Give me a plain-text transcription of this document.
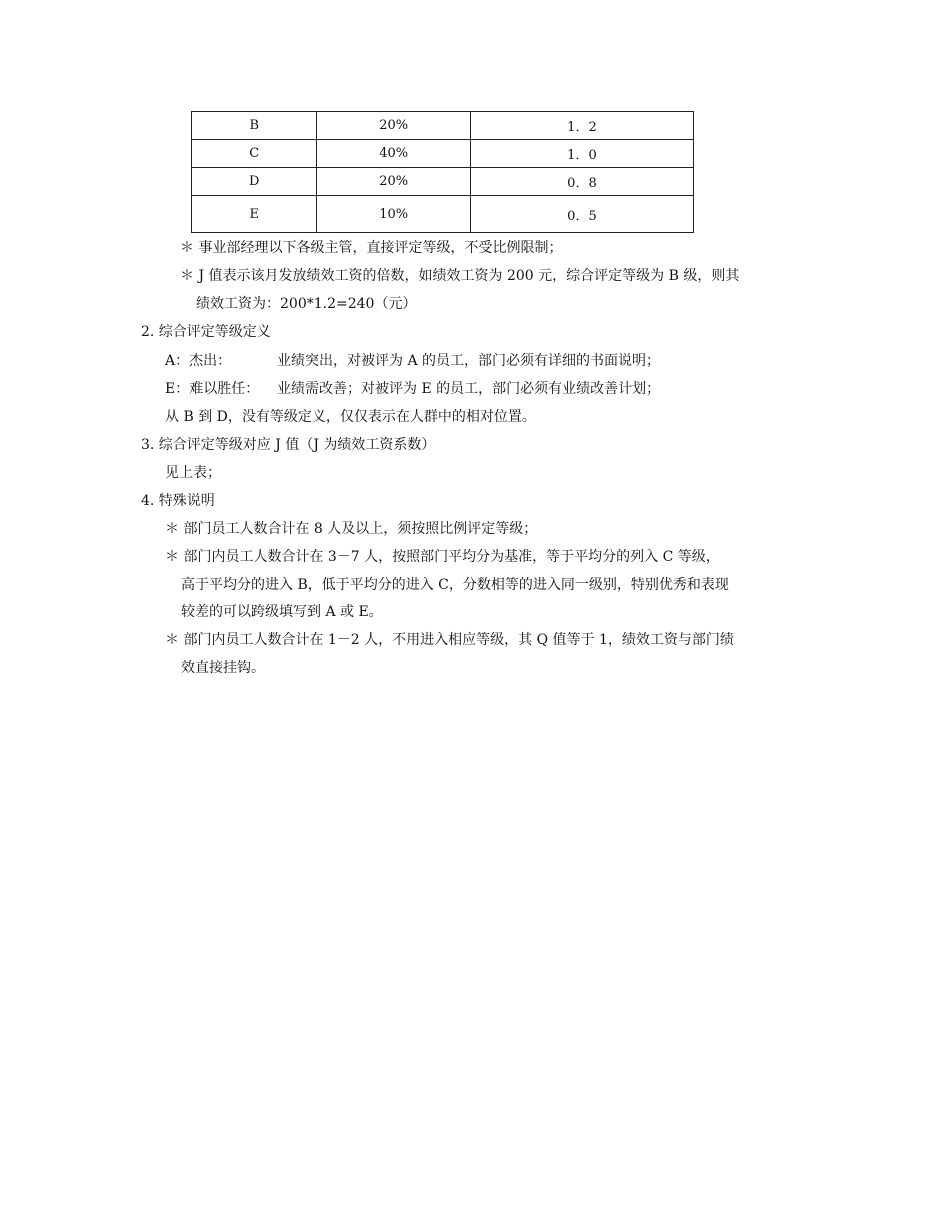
B	20%	1．2
C	40%	1．0
D	20%	0．8
E	10%	0．5
＊ 事业部经理以下各级主管，直接评定等级，不受比例限制；
＊ J 值表示该月发放绩效工资的倍数，如绩效工资为 200 元，综合评定等级为 B 级，则其
绩效工资为：200*1.2=240（元）
2. 综合评定等级定义
A：杰出：	业绩突出，对被评为 A 的员工，部门必须有详细的书面说明；
E：难以胜任： 业绩需改善；对被评为 E 的员工，部门必须有业绩改善计划；
从 B 到 D，没有等级定义，仅仅表示在人群中的相对位置。
3. 综合评定等级对应 J 值（J 为绩效工资系数）
见上表；
4. 特殊说明
＊ 部门员工人数合计在 8 人及以上，须按照比例评定等级；
＊ 部门内员工人数合计在 3－7 人，按照部门平均分为基准，等于平均分的列入 C 等级，
高于平均分的进入 B，低于平均分的进入 C，分数相等的进入同一级别，特别优秀和表现
较差的可以跨级填写到 A 或 E。
＊ 部门内员工人数合计在 1－2 人，不用进入相应等级，其 Q 值等于 1，绩效工资与部门绩
效直接挂钩。
